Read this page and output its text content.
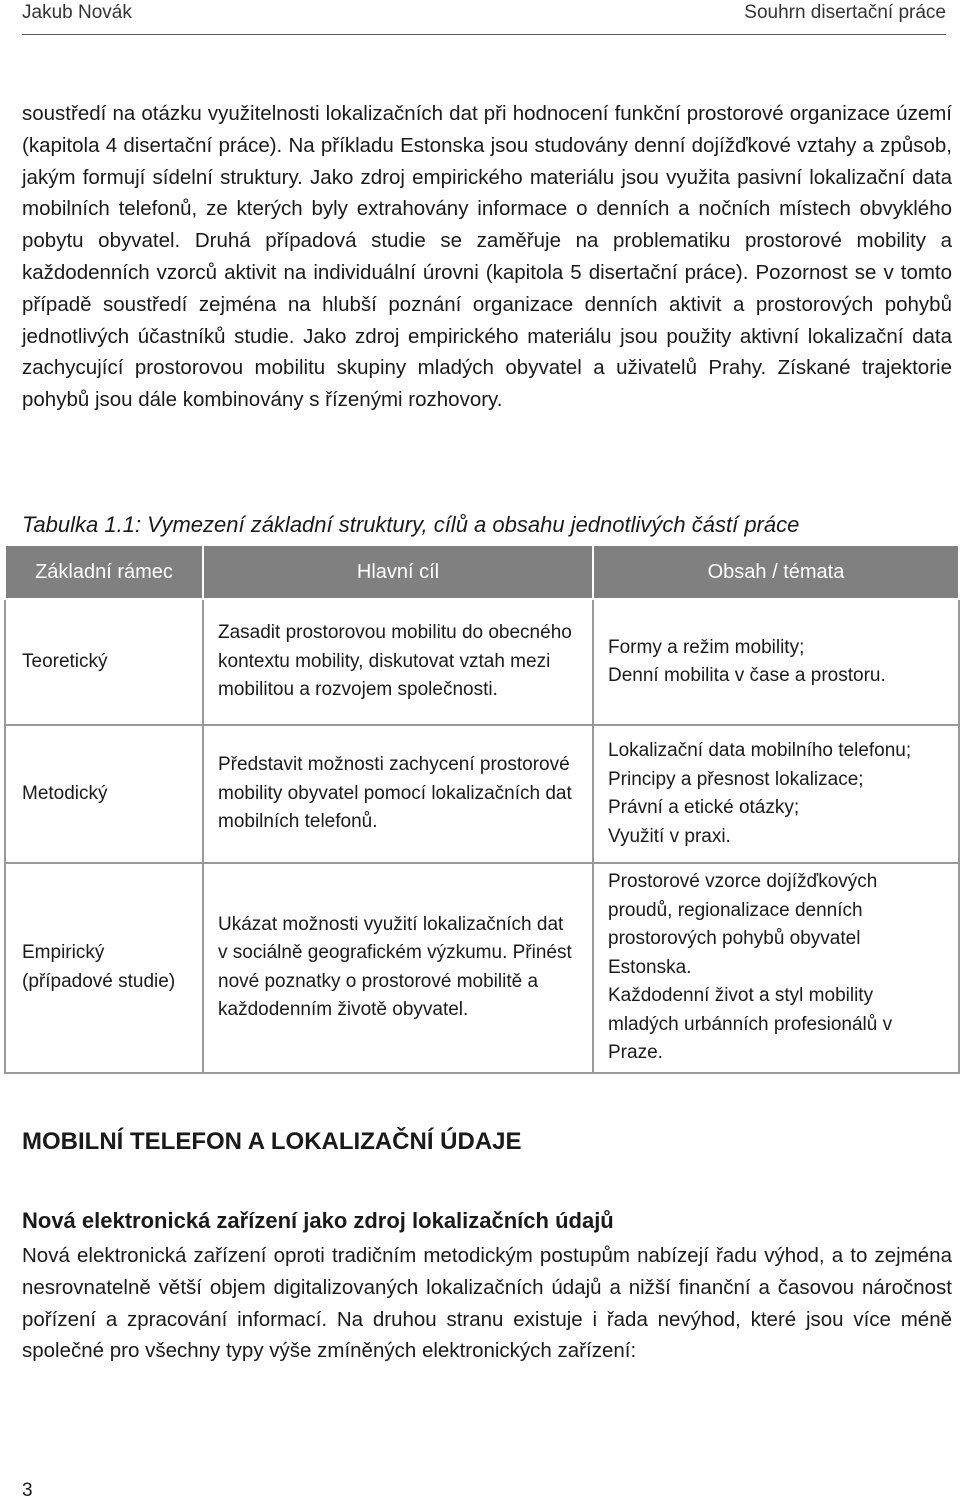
Jakub Novák	Souhrn disertační práce

soustředí na otázku využitelnosti lokalizačních dat při hodnocení funkční prostorové organizace území (kapitola 4 disertační práce). Na příkladu Estonska jsou studovány denní dojížďkové vztahy a způsob, jakým formují sídelní struktury. Jako zdroj empirického materiálu jsou využita pasivní lokalizační data mobilních telefonů, ze kterých byly extrahovány informace o denních a nočních místech obvyklého pobytu obyvatel. Druhá případová studie se zaměřuje na problematiku prostorové mobility a každodenních vzorců aktivit na individuální úrovni (kapitola 5 disertační práce). Pozornost se v tomto případě soustředí zejména na hlubší poznání organizace denních aktivit a prostorových pohybů jednotlivých účastníků studie. Jako zdroj empirického materiálu jsou použity aktivní lokalizační data zachycující prostorovou mobilitu skupiny mladých obyvatel a uživatelů Prahy. Získané trajektorie pohybů jsou dále kombinovány s řízenými rozhovory.

Tabulka 1.1: Vymezení základní struktury, cílů a obsahu jednotlivých částí práce

Základní rámec	Hlavní cíl	Obsah / témata
Teoretický	Zasadit prostorovou mobilitu do obecného kontextu mobility, diskutovat vztah mezi mobilitou a rozvojem společnosti.	Formy a režim mobility;
Denní mobilita v čase a prostoru.
Metodický	Představit možnosti zachycení prostorové mobility obyvatel pomocí lokalizačních dat mobilních telefonů.	Lokalizační data mobilního telefonu;
Principy a přesnost lokalizace;
Právní a etické otázky;
Využití v praxi.
Empirický (případové studie)	Ukázat možnosti využití lokalizačních dat v sociálně geografickém výzkumu. Přinést nové poznatky o prostorové mobilitě a každodenním životě obyvatel.	Prostorové vzorce dojížďkových proudů, regionalizace denních prostorových pohybů obyvatel Estonska.
Každodenní život a styl mobility mladých urbánních profesionálů v Praze.
MOBILNÍ TELEFON A LOKALIZAČNÍ ÚDAJE
Nová elektronická zařízení jako zdroj lokalizačních údajů

Nová elektronická zařízení oproti tradičním metodickým postupům nabízejí řadu výhod, a to zejména nesrovnatelně větší objem digitalizovaných lokalizačních údajů a nižší finanční a časovou náročnost pořízení a zpracování informací. Na druhou stranu existuje i řada nevýhod, které jsou více méně společné pro všechny typy výše zmíněných elektronických zařízení:

3
